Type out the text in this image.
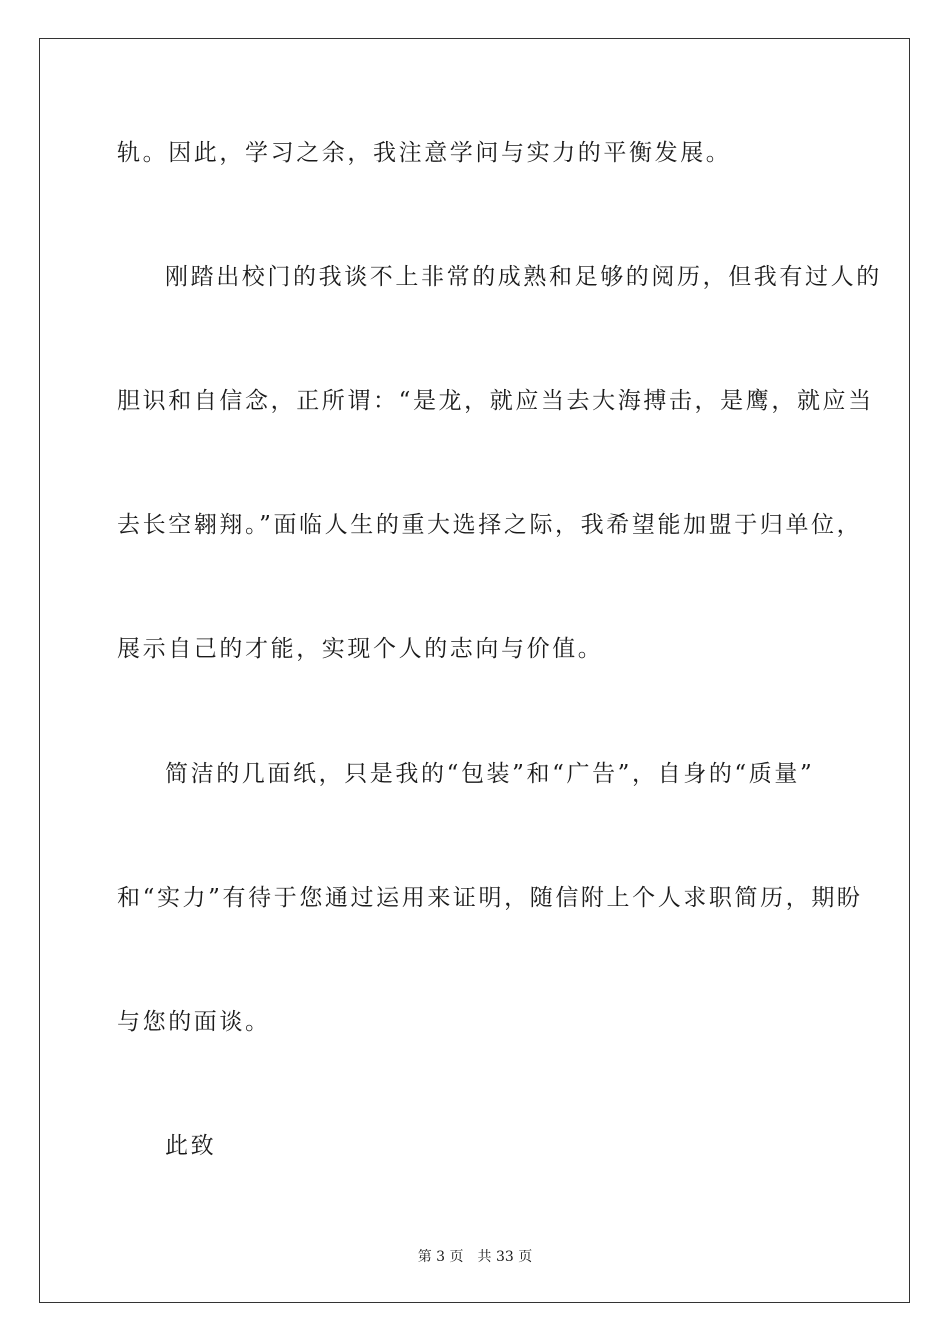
轨。因此，学习之余，我注意学问与实力的平衡发展。
刚踏出校门的我谈不上非常的成熟和足够的阅历，但我有过人的
胆识和自信念，正所谓：“是龙，就应当去大海搏击，是鹰，就应当
去长空翱翔。”面临人生的重大选择之际，我希望能加盟于归单位，
展示自己的才能，实现个人的志向与价值。
简洁的几面纸，只是我的“包装”和“广告”，自身的“质量”
和“实力”有待于您通过运用来证明，随信附上个人求职简历，期盼
与您的面谈。
此致
第 3 页 共 33 页
